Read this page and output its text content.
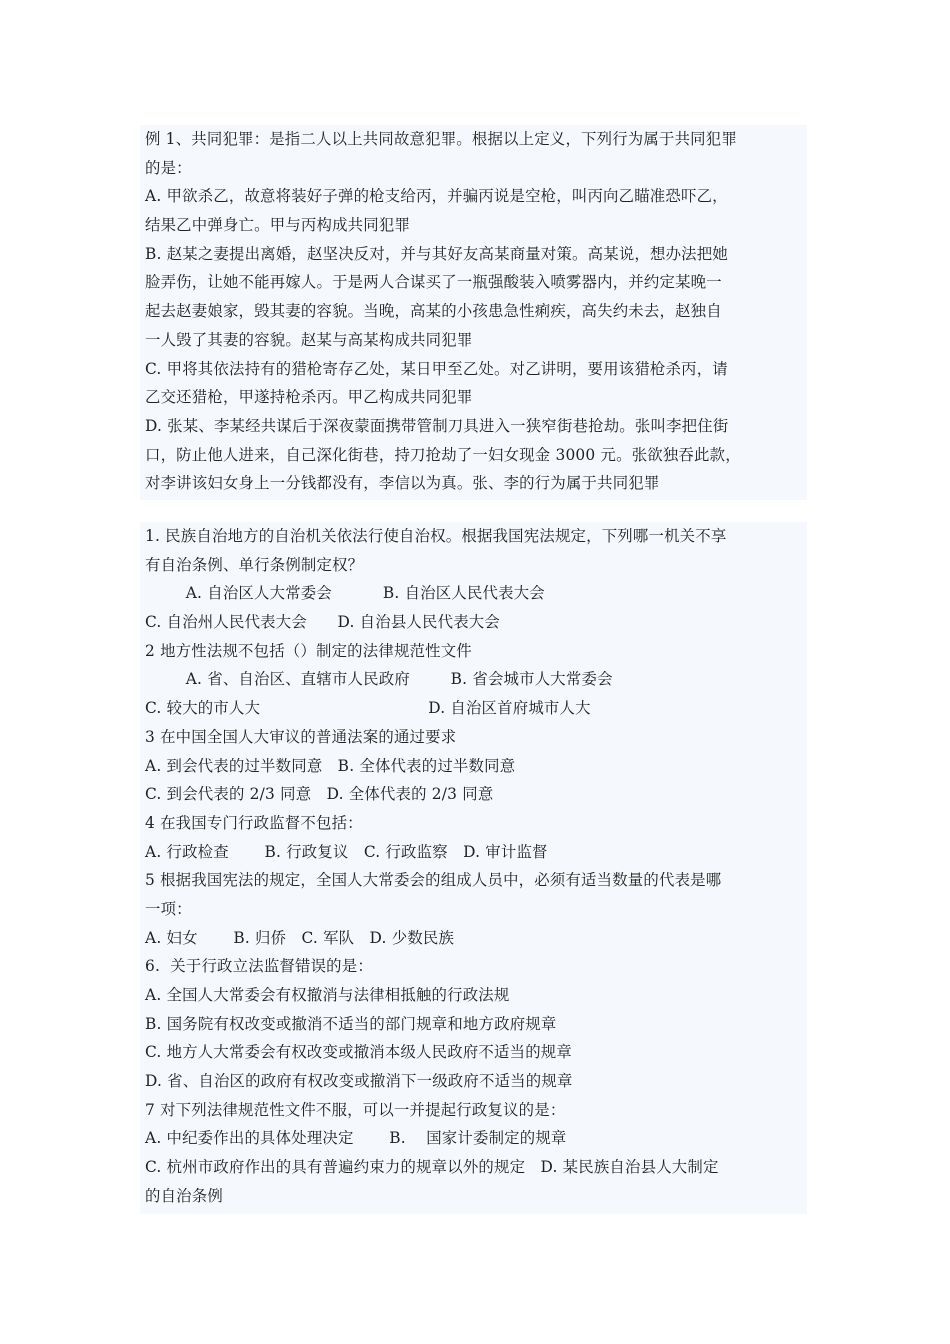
例 1、共同犯罪：是指二人以上共同故意犯罪。根据以上定义，下列行为属于共同犯罪
的是：
A. 甲欲杀乙，故意将装好子弹的枪支给丙，并骗丙说是空枪，叫丙向乙瞄准恐吓乙，
结果乙中弹身亡。甲与丙构成共同犯罪
B. 赵某之妻提出离婚，赵坚决反对，并与其好友高某商量对策。高某说，想办法把她
脸弄伤，让她不能再嫁人。于是两人合谋买了一瓶强酸装入喷雾器内，并约定某晚一
起去赵妻娘家，毁其妻的容貌。当晚，高某的小孩患急性痢疾，高失约未去，赵独自
一人毁了其妻的容貌。赵某与高某构成共同犯罪
C. 甲将其依法持有的猎枪寄存乙处，某日甲至乙处。对乙讲明，要用该猎枪杀丙，请
乙交还猎枪，甲遂持枪杀丙。甲乙构成共同犯罪
D. 张某、李某经共谋后于深夜蒙面携带管制刀具进入一狭窄街巷抢劫。张叫李把住街
口，防止他人进来，自己深化街巷，持刀抢劫了一妇女现金 3000 元。张欲独吞此款，
对李讲该妇女身上一分钱都没有，李信以为真。张、李的行为属于共同犯罪
1. 民族自治地方的自治机关依法行使自治权。根据我国宪法规定，下列哪一机关不享
有自治条例、单行条例制定权？
A. 自治区人大常委会          B. 自治区人民代表大会
C. 自治州人民代表大会      D. 自治县人民代表大会
2 地方性法规不包括（）制定的法律规范性文件
A. 省、自治区、直辖市人民政府        B. 省会城市人大常委会
C. 较大的市人大                                 D. 自治区首府城市人大
3 在中国全国人大审议的普通法案的通过要求
A. 到会代表的过半数同意   B. 全体代表的过半数同意
C. 到会代表的 2/3 同意   D. 全体代表的 2/3 同意
4 在我国专门行政监督不包括：
A. 行政检查       B. 行政复议   C. 行政监察   D. 审计监督
5 根据我国宪法的规定，全国人大常委会的组成人员中，必须有适当数量的代表是哪
一项：
A. 妇女       B. 归侨   C. 军队   D. 少数民族
6.  关于行政立法监督错误的是：
A. 全国人大常委会有权撤消与法律相抵触的行政法规
B. 国务院有权改变或撤消不适当的部门规章和地方政府规章
C. 地方人大常委会有权改变或撤消本级人民政府不适当的规章
D. 省、自治区的政府有权改变或撤消下一级政府不适当的规章
7 对下列法律规范性文件不服，可以一并提起行政复议的是：
A. 中纪委作出的具体处理决定       B.    国家计委制定的规章
C. 杭州市政府作出的具有普遍约束力的规章以外的规定   D. 某民族自治县人大制定
的自治条例
